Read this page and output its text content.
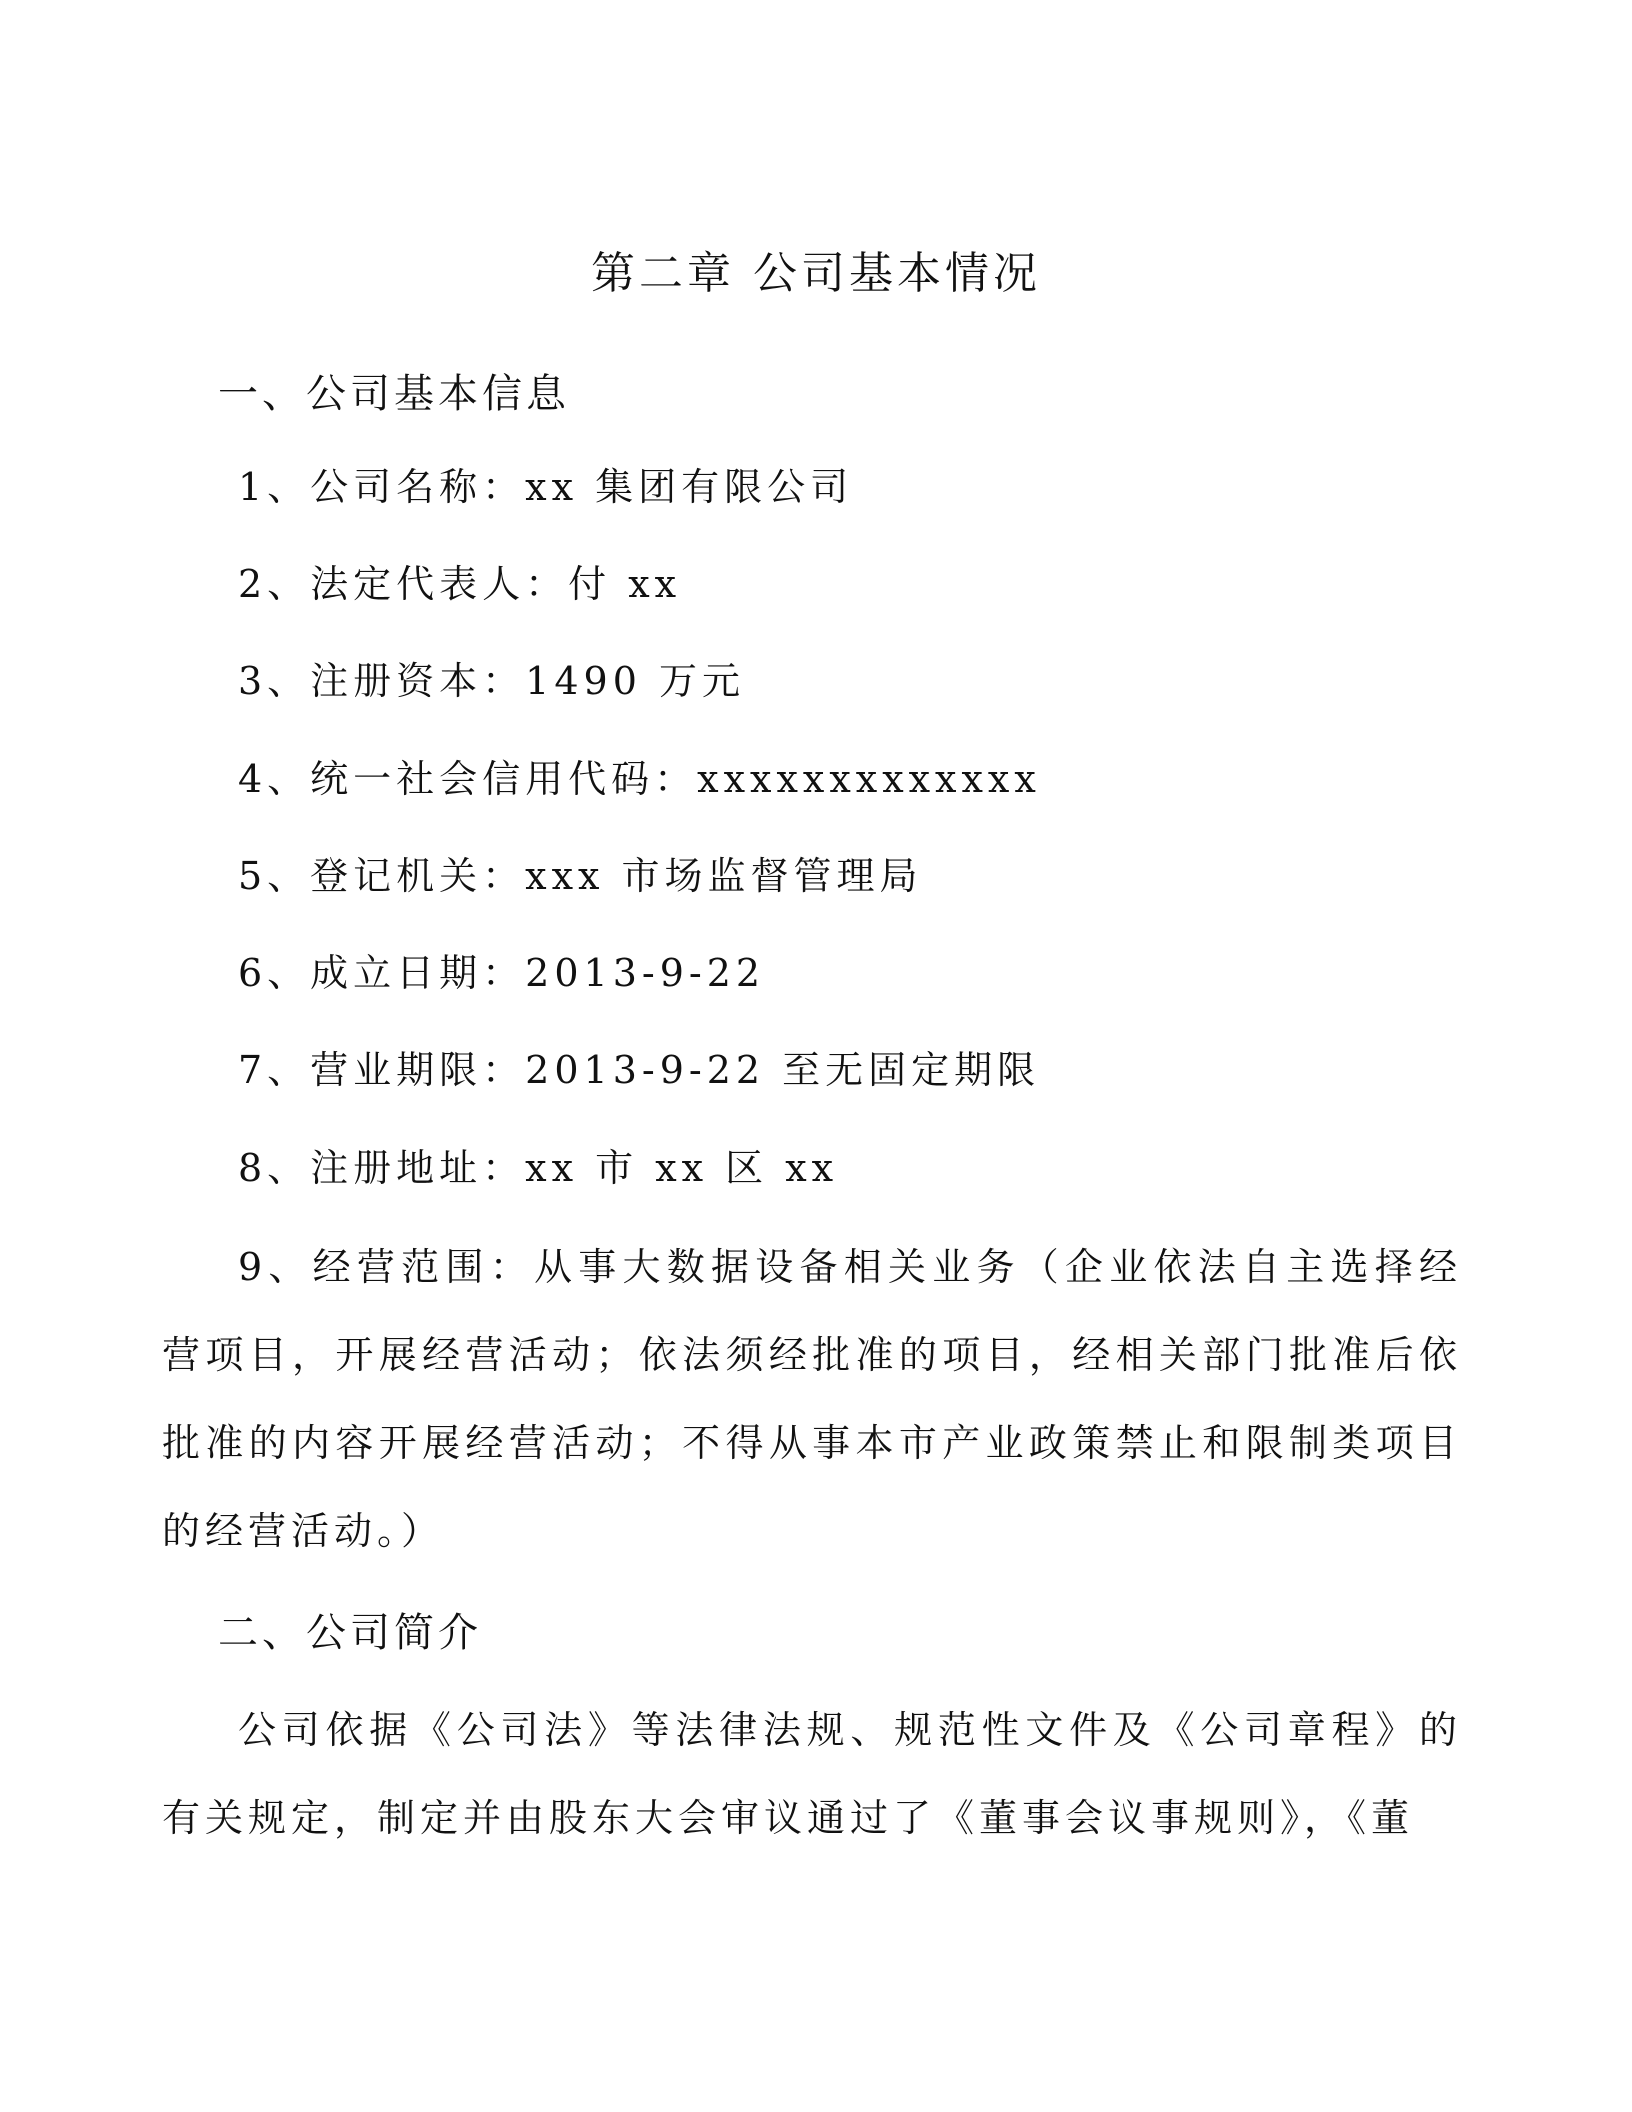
第二章 公司基本情况
一、公司基本信息

1、公司名称：xx 集团有限公司

2、法定代表人：付 xx

3、注册资本：1490 万元

4、统一社会信用代码：xxxxxxxxxxxxx

5、登记机关：xxx 市场监督管理局

6、成立日期：2013-9-22

7、营业期限：2013-9-22 至无固定期限

8、注册地址：xx 市 xx 区 xx

9、经营范围：从事大数据设备相关业务（企业依法自主选择经营项目，开展经营活动；依法须经批准的项目，经相关部门批准后依批准的内容开展经营活动；不得从事本市产业政策禁止和限制类项目的经营活动。）

二、公司简介

公司依据《公司法》等法律法规、规范性文件及《公司章程》的有关规定，制定并由股东大会审议通过了《董事会议事规则》，《董
